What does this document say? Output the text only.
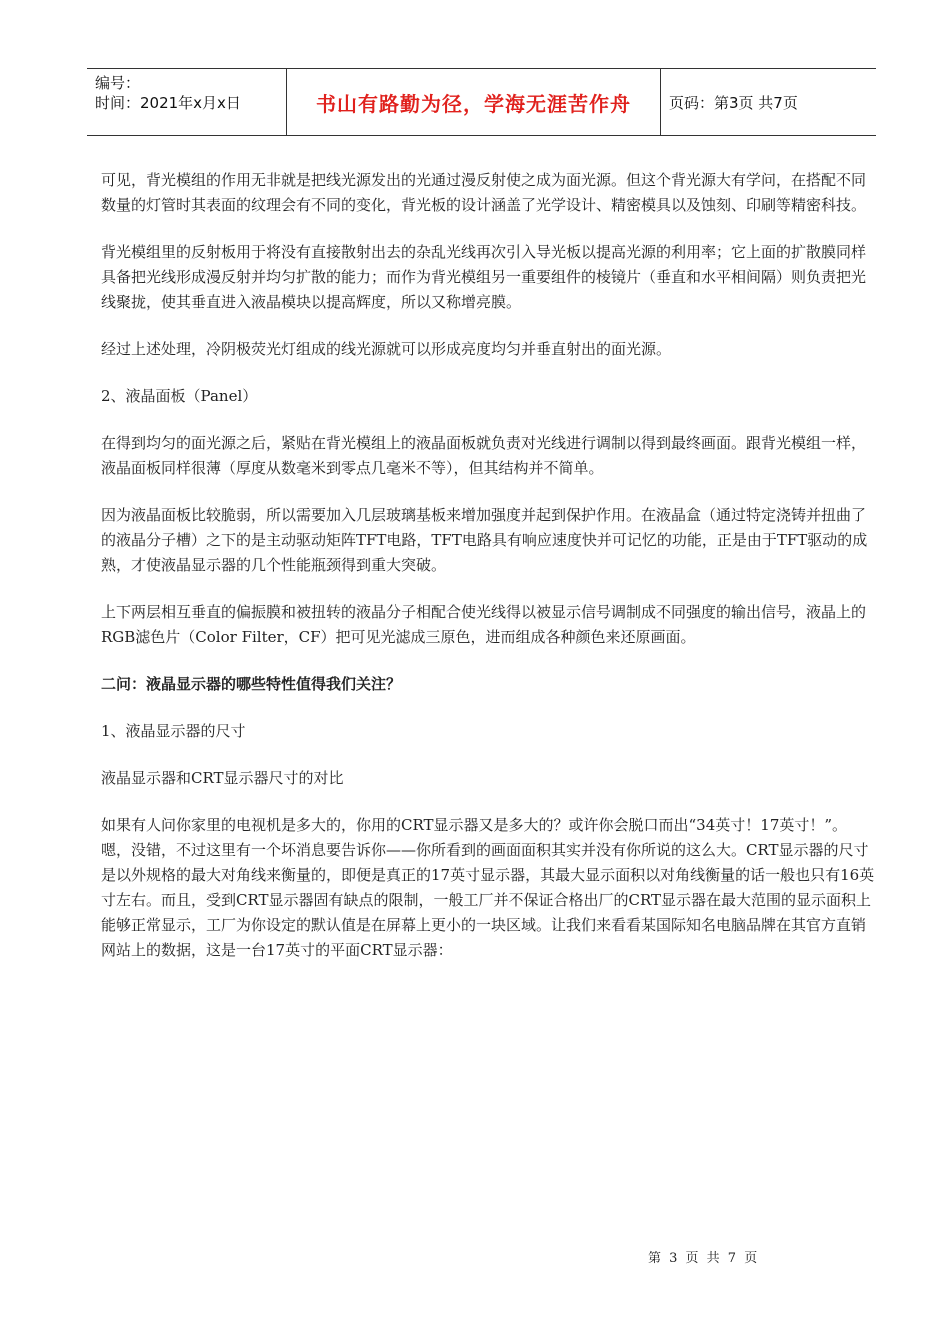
编号：
时间：2021年x月x日	书山有路勤为径，学海无涯苦作舟	页码：第3页 共7页

可见，背光模组的作用无非就是把线光源发出的光通过漫反射使之成为面光源。但这个背光源大有学问，在搭配不同数量的灯管时其表面的纹理会有不同的变化，背光板的设计涵盖了光学设计、精密模具以及蚀刻、印刷等精密科技。

背光模组里的反射板用于将没有直接散射出去的杂乱光线再次引入导光板以提高光源的利用率；它上面的扩散膜同样具备把光线形成漫反射并均匀扩散的能力；而作为背光模组另一重要组件的棱镜片（垂直和水平相间隔）则负责把光线聚拢，使其垂直进入液晶模块以提高辉度，所以又称增亮膜。

经过上述处理，冷阴极荧光灯组成的线光源就可以形成亮度均匀并垂直射出的面光源。

2、液晶面板（Panel）

在得到均匀的面光源之后，紧贴在背光模组上的液晶面板就负责对光线进行调制以得到最终画面。跟背光模组一样，液晶面板同样很薄（厚度从数毫米到零点几毫米不等），但其结构并不简单。

因为液晶面板比较脆弱，所以需要加入几层玻璃基板来增加强度并起到保护作用。在液晶盒（通过特定浇铸并扭曲了的液晶分子槽）之下的是主动驱动矩阵TFT电路，TFT电路具有响应速度快并可记忆的功能，正是由于TFT驱动的成熟，才使液晶显示器的几个性能瓶颈得到重大突破。

上下两层相互垂直的偏振膜和被扭转的液晶分子相配合使光线得以被显示信号调制成不同强度的输出信号，液晶上的RGB滤色片（Color Filter，CF）把可见光滤成三原色，进而组成各种颜色来还原画面。

二问：液晶显示器的哪些特性值得我们关注？

1、液晶显示器的尺寸

液晶显示器和CRT显示器尺寸的对比

如果有人问你家里的电视机是多大的，你用的CRT显示器又是多大的？或许你会脱口而出“34英寸！17英寸！”。嗯，没错，不过这里有一个坏消息要告诉你——你所看到的画面面积其实并没有你所说的这么大。CRT显示器的尺寸是以外规格的最大对角线来衡量的，即便是真正的17英寸显示器，其最大显示面积以对角线衡量的话一般也只有16英寸左右。而且，受到CRT显示器固有缺点的限制，一般工厂并不保证合格出厂的CRT显示器在最大范围的显示面积上能够正常显示，工厂为你设定的默认值是在屏幕上更小的一块区域。让我们来看看某国际知名电脑品牌在其官方直销网站上的数据，这是一台17英寸的平面CRT显示器：

第 3 页 共 7 页
